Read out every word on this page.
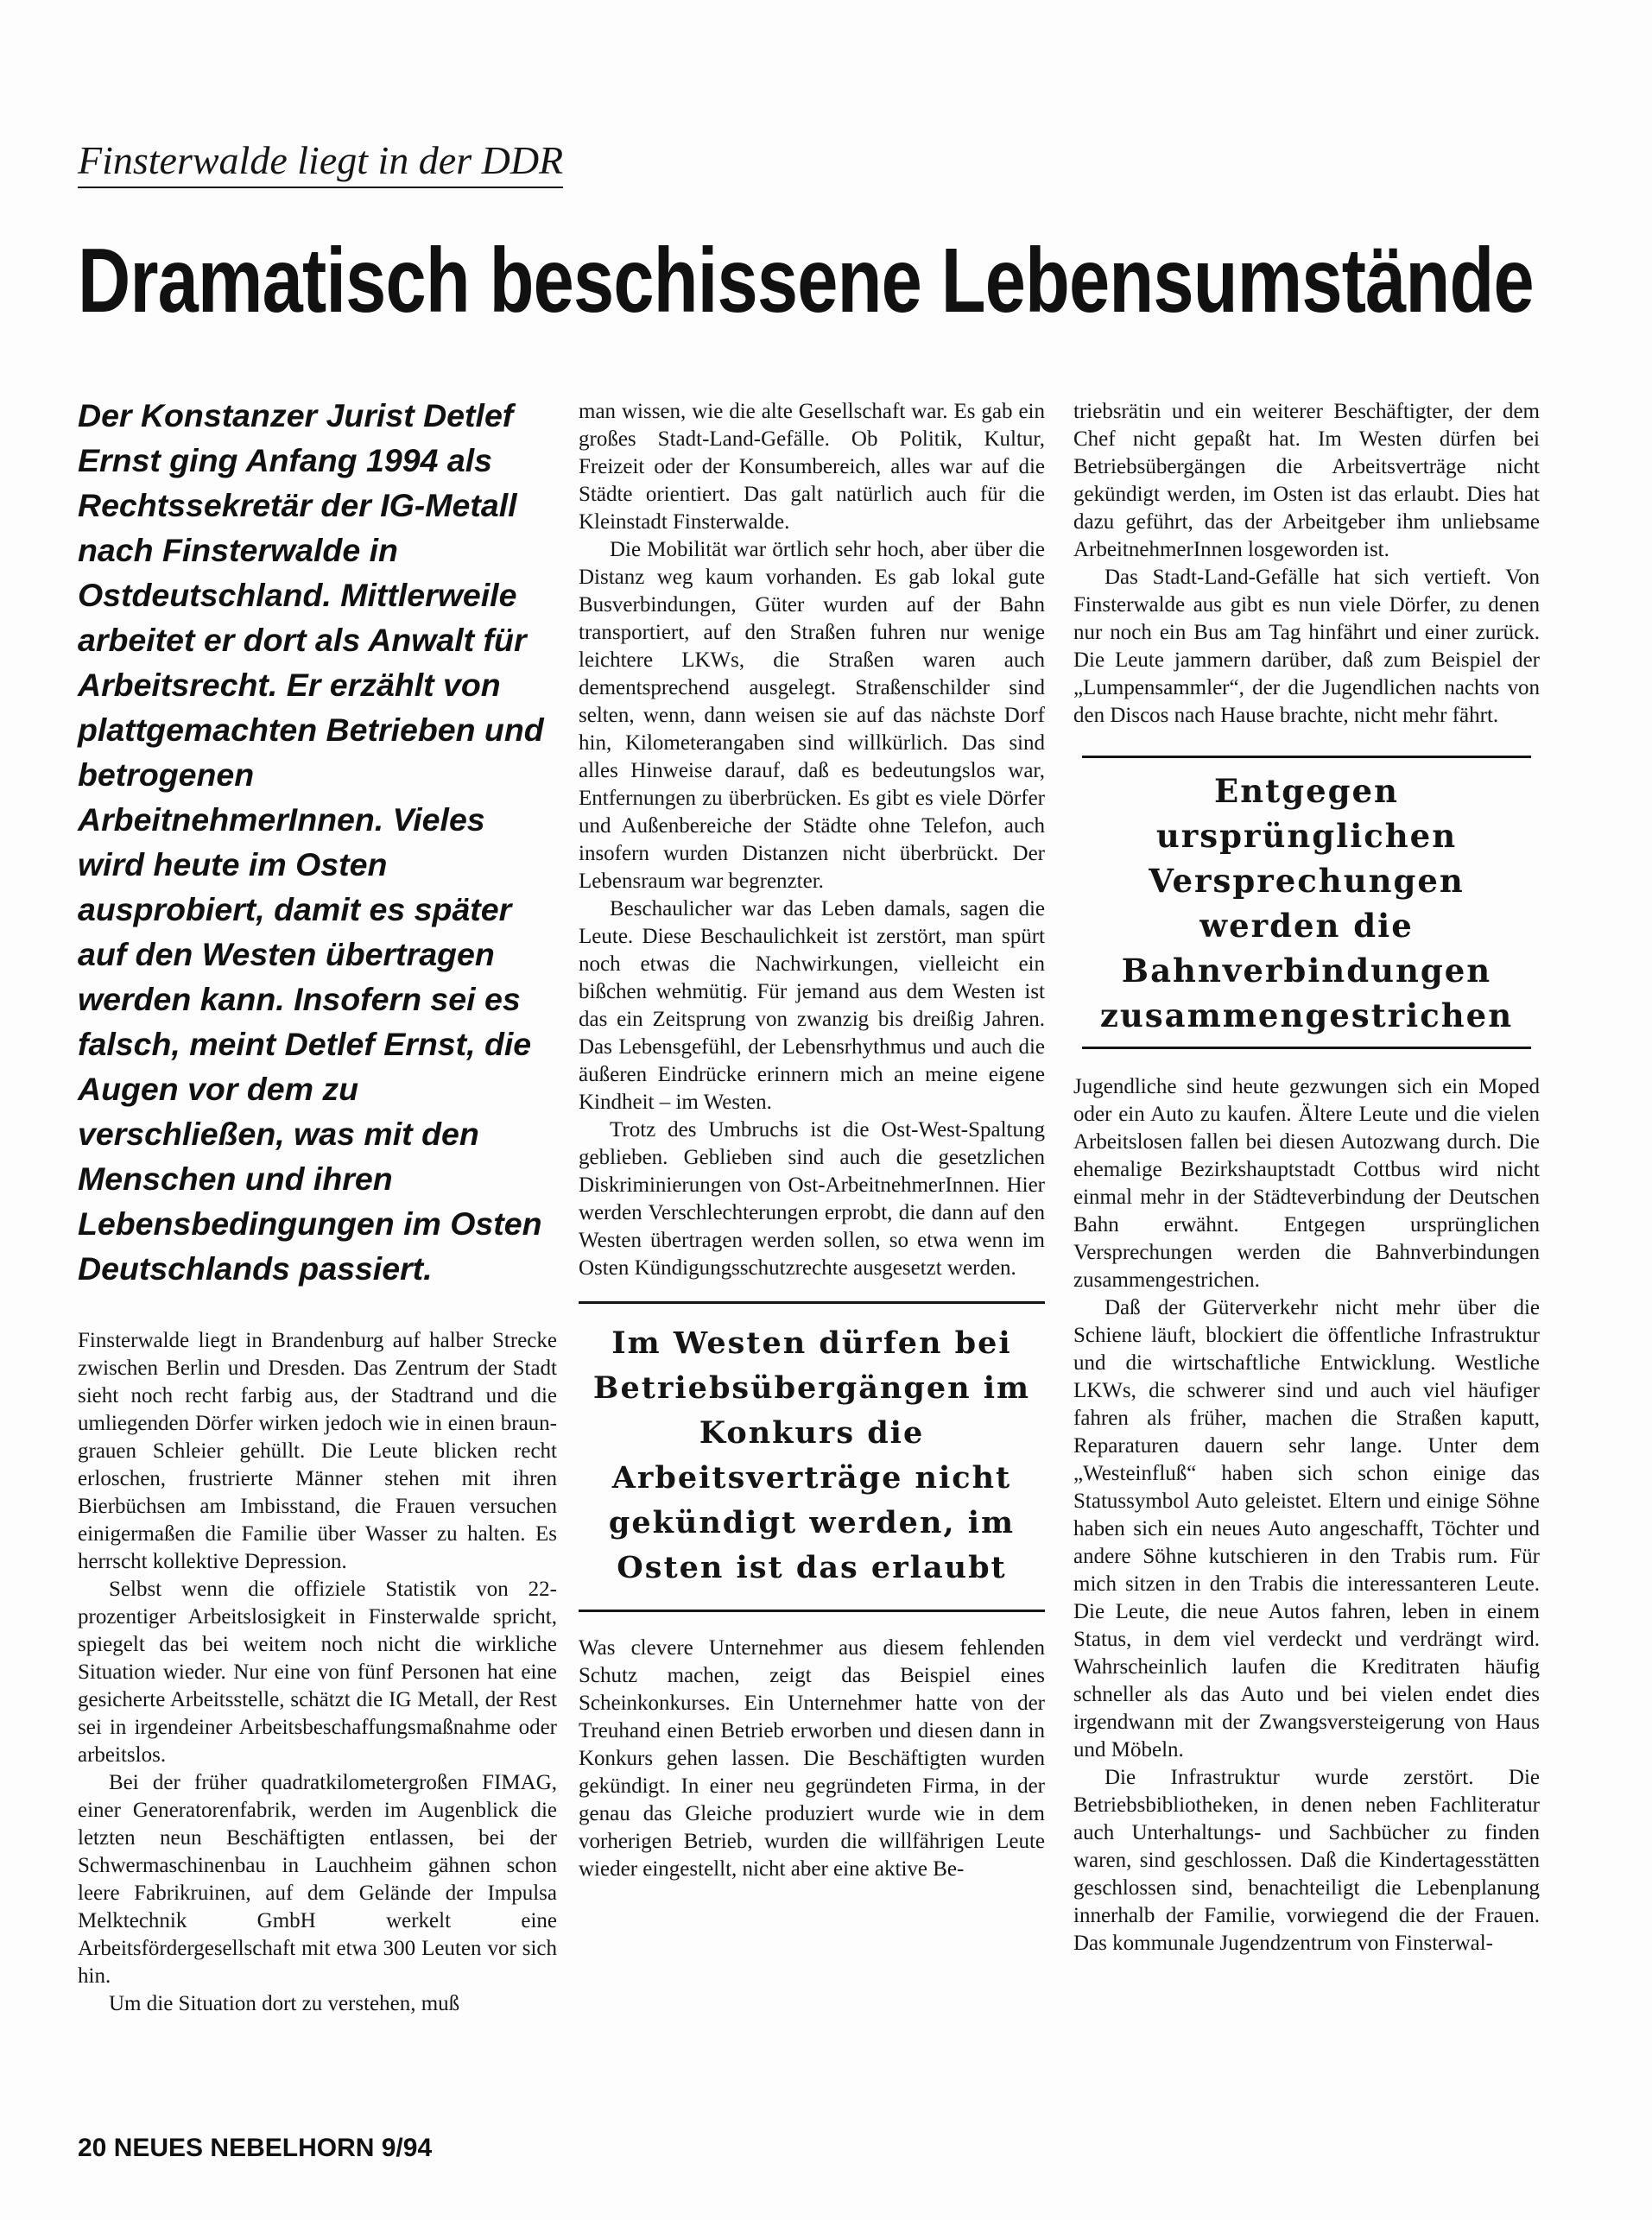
Finsterwalde liegt in der DDR
Dramatisch beschissene Lebensumstände

Der Konstanzer Jurist Detlef Ernst ging Anfang 1994 als Rechtssekretär der IG-Metall nach Finsterwalde in Ostdeutschland. Mittlerweile arbeitet er dort als Anwalt für Arbeitsrecht. Er erzählt von plattgemachten Betrieben und betrogenen ArbeitnehmerInnen. Vieles wird heute im Osten ausprobiert, damit es später auf den Westen übertragen werden kann. Insofern sei es falsch, meint Detlef Ernst, die Augen vor dem zu verschließen, was mit den Menschen und ihren Lebensbedingungen im Osten Deutschlands passiert.

Finsterwalde liegt in Brandenburg auf halber Strecke zwischen Berlin und Dresden. Das Zentrum der Stadt sieht noch recht farbig aus, der Stadtrand und die umliegenden Dörfer wirken jedoch wie in einen braun-grauen Schleier gehüllt. Die Leute blicken recht erloschen, frustrierte Männer stehen mit ihren Bierbüchsen am Imbisstand, die Frauen versuchen einigermaßen die Familie über Wasser zu halten. Es herrscht kollektive Depression.

Selbst wenn die offiziele Statistik von 22-prozentiger Arbeitslosigkeit in Finsterwalde spricht, spiegelt das bei weitem noch nicht die wirkliche Situation wieder. Nur eine von fünf Personen hat eine gesicherte Arbeitsstelle, schätzt die IG Metall, der Rest sei in irgendeiner Arbeitsbeschaffungsmaßnahme oder arbeitslos.

Bei der früher quadratkilometergroßen FIMAG, einer Generatorenfabrik, werden im Augenblick die letzten neun Beschäftigten entlassen, bei der Schwermaschinenbau in Lauchheim gähnen schon leere Fabrikruinen, auf dem Gelände der Impulsa Melktechnik GmbH werkelt eine Arbeitsfördergesellschaft mit etwa 300 Leuten vor sich hin.

Um die Situation dort zu verstehen, muß

man wissen, wie die alte Gesellschaft war. Es gab ein großes Stadt-Land-Gefälle. Ob Politik, Kultur, Freizeit oder der Konsumbereich, alles war auf die Städte orientiert. Das galt natürlich auch für die Kleinstadt Finsterwalde.

Die Mobilität war örtlich sehr hoch, aber über die Distanz weg kaum vorhanden. Es gab lokal gute Busverbindungen, Güter wurden auf der Bahn transportiert, auf den Straßen fuhren nur wenige leichtere LKWs, die Straßen waren auch dementsprechend ausgelegt. Straßenschilder sind selten, wenn, dann weisen sie auf das nächste Dorf hin, Kilometerangaben sind willkürlich. Das sind alles Hinweise darauf, daß es bedeutungslos war, Entfernungen zu überbrücken. Es gibt es viele Dörfer und Außenbereiche der Städte ohne Telefon, auch insofern wurden Distanzen nicht überbrückt. Der Lebensraum war begrenzter.

Beschaulicher war das Leben damals, sagen die Leute. Diese Beschaulichkeit ist zerstört, man spürt noch etwas die Nachwirkungen, vielleicht ein bißchen wehmütig. Für jemand aus dem Westen ist das ein Zeitsprung von zwanzig bis dreißig Jahren. Das Lebensgefühl, der Lebensrhythmus und auch die äußeren Eindrücke erinnern mich an meine eigene Kindheit – im Westen.

Trotz des Umbruchs ist die Ost-West-Spaltung geblieben. Geblieben sind auch die gesetzlichen Diskriminierungen von Ost-ArbeitnehmerInnen. Hier werden Verschlechterungen erprobt, die dann auf den Westen übertragen werden sollen, so etwa wenn im Osten Kündigungsschutzrechte ausgesetzt werden.

Im Westen dürfen bei Betriebsübergängen im Konkurs die Arbeitsverträge nicht gekündigt werden, im Osten ist das erlaubt

Was clevere Unternehmer aus diesem fehlenden Schutz machen, zeigt das Beispiel eines Scheinkonkurses. Ein Unternehmer hatte von der Treuhand einen Betrieb erworben und diesen dann in Konkurs gehen lassen. Die Beschäftigten wurden gekündigt. In einer neu gegründeten Firma, in der genau das Gleiche produziert wurde wie in dem vorherigen Betrieb, wurden die willfährigen Leute wieder eingestellt, nicht aber eine aktive Be-

triebsrätin und ein weiterer Beschäftigter, der dem Chef nicht gepaßt hat. Im Westen dürfen bei Betriebsübergängen die Arbeitsverträge nicht gekündigt werden, im Osten ist das erlaubt. Dies hat dazu geführt, das der Arbeitgeber ihm unliebsame ArbeitnehmerInnen losgeworden ist.

Das Stadt-Land-Gefälle hat sich vertieft. Von Finsterwalde aus gibt es nun viele Dörfer, zu denen nur noch ein Bus am Tag hinfährt und einer zurück. Die Leute jammern darüber, daß zum Beispiel der „Lumpensammler“, der die Jugendlichen nachts von den Discos nach Hause brachte, nicht mehr fährt.

Entgegen ursprünglichen Versprechungen werden die Bahnverbindungen zusammengestrichen

Jugendliche sind heute gezwungen sich ein Moped oder ein Auto zu kaufen. Ältere Leute und die vielen Arbeitslosen fallen bei diesen Autozwang durch. Die ehemalige Bezirkshauptstadt Cottbus wird nicht einmal mehr in der Städteverbindung der Deutschen Bahn erwähnt. Entgegen ursprünglichen Versprechungen werden die Bahnverbindungen zusammengestrichen.

Daß der Güterverkehr nicht mehr über die Schiene läuft, blockiert die öffentliche Infrastruktur und die wirtschaftliche Entwicklung. Westliche LKWs, die schwerer sind und auch viel häufiger fahren als früher, machen die Straßen kaputt, Reparaturen dauern sehr lange. Unter dem „Westeinfluß“ haben sich schon einige das Statussymbol Auto geleistet. Eltern und einige Söhne haben sich ein neues Auto angeschafft, Töchter und andere Söhne kutschieren in den Trabis rum. Für mich sitzen in den Trabis die interessanteren Leute. Die Leute, die neue Autos fahren, leben in einem Status, in dem viel verdeckt und verdrängt wird. Wahrscheinlich laufen die Kreditraten häufig schneller als das Auto und bei vielen endet dies irgendwann mit der Zwangsversteigerung von Haus und Möbeln.

Die Infrastruktur wurde zerstört. Die Betriebsbibliotheken, in denen neben Fachliteratur auch Unterhaltungs- und Sachbücher zu finden waren, sind geschlossen. Daß die Kindertagesstätten geschlossen sind, benachteiligt die Lebenplanung innerhalb der Familie, vorwiegend die der Frauen. Das kommunale Jugendzentrum von Finsterwal-

20 NEUES NEBELHORN 9/94
